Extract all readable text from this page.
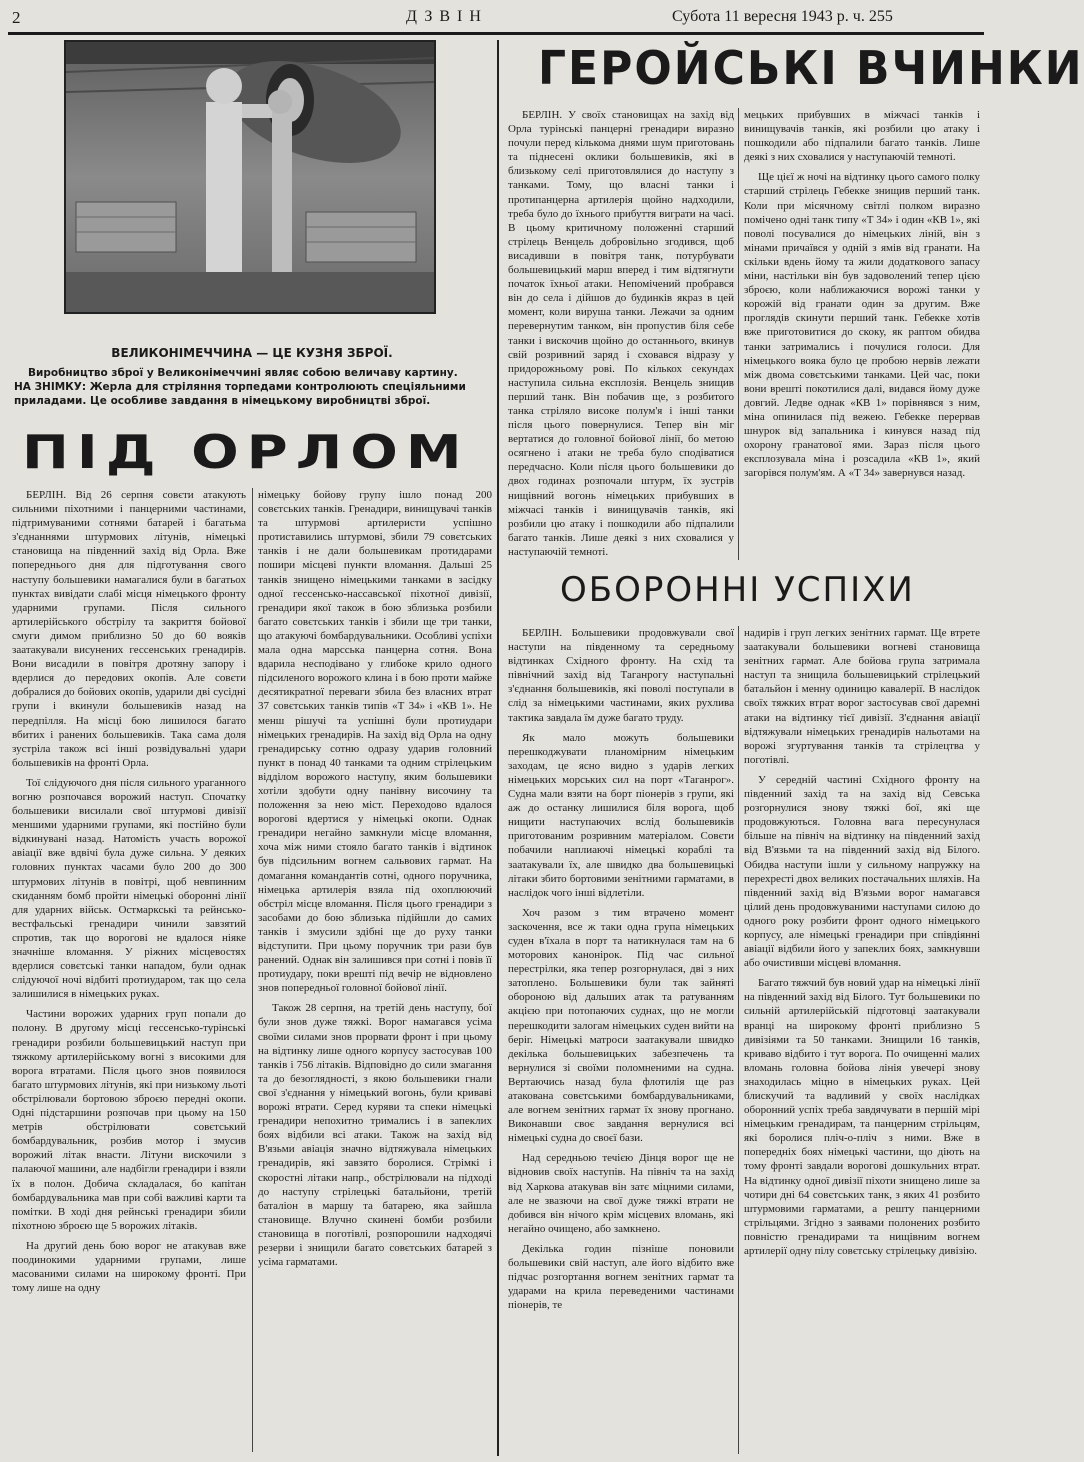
2	ДЗВІН	Субота 11 вересня 1943 р. ч. 255
ВЕЛИКОНІМЕЧЧИНА — ЦЕ КУЗНЯ ЗБРОЇ.
Виробництво зброї у Великонімеччині являє собою величаву картину.
НА ЗНІМКУ: Жерла для стріляння торпедами контролюють спеціяльними приладами. Це особливе завдання в німецькому виробництві зброї.
ПІД ОРЛОМ

БЕРЛІН. Від 26 серпня совєти атакують сильними піхотними і панцерними частинами, підтримуваними сотнями батарей і багатьма з'єднаннями штурмових літунів, німецькі становища на південний захід від Орла. Вже попереднього дня для підготування свого наступу большевики намагалися були в багатьох пунктах вивідати слабі місця німецького фронту ударними групами. Після сильного артилерійського обстрілу та закриття бойової смуги димом приблизно 50 до 60 вояків заатакували висунених гессенських гренадирів. Вони висадили в повітря дротяну запору і вдерлися до передових окопів. Але совєти добралися до бойових окопів, ударили дві сусідні групи і вкинули большевиків назад на передпілля. На місці бою лишилося багато вбитих і ранених большевиків. Така сама доля зустріла також всі інші розвідувальні удари большевиків на фронті Орла.

Тої слідуючого дня після сильного ураганного вогню розпочався ворожий наступ. Спочатку большевики висилали свої штурмові дивізії меншими ударними групами, які постійно були відкинувані назад. Натомість участь ворожої авіації вже вдвічі була дуже сильна. У деяких головних пунктах часами було 200 до 300 штурмових літунів в повітрі, щоб невпинним скиданням бомб пройти німецькі оборонні лінії для ударних військ. Остмаркські та рейнсько-вестфальські гренадири чинили завзятий спротив, так що ворогові не вдалося ніяке значніше вломання. У ріжних місцевостях вдерлися совєтські танки нападом, були однак слідуючої ночі відбиті протиударом, так що села залишилися в німецьких руках.

Частини ворожих ударних груп попали до полону. В другому місці гессенсько-турінські гренадири розбили большевицький наступ при тяжкому артилерійському вогні з високими для ворога втратами. Після цього знов появилося багато штурмових літунів, які при низькому льоті обстрілювали бортовою зброєю передні окопи. Одні підстаршини розпочав при цьому на 150 метрів обстрілювати совєтський бомбардувальник, розбив мотор і змусив ворожий літак внасти. Літуни вискочили з палаючої машини, але надбігли гренадири і взяли їх в полон. Добича складалася, бо капітан бомбардувальника мав при собі важливі карти та помітки. В ході дня рейнські гренадири збили піхотною зброєю ще 5 ворожих літаків.

На другий день бою ворог не атакував вже поодинокими ударними групами, лише масованими силами на широкому фронті. При тому лише на одну

німецьку бойову групу ішло понад 200 совєтських танків. Гренадири, винищувачі танків та штурмові артилеристи успішно протиставились штурмові, збили 79 совєтських танків і не дали большевикам протидарами пошири місцеві пункти вломання. Дальші 25 танків знищено німецькими танками в засідку одної гессенсько-нассавської піхотної дивізії, гренадири якої також в бою зблизька розбили багато совєтських танків і збили ще три танки, що атакуючі бомбардувальники. Особливі успіхи мала одна марсська панцерна сотня. Вона вдарила несподівано у глибоке крило одного підсиленого ворожого клина і в бою проти майже десятикратної переваги збила без власних втрат 37 совєтських танків типів «Т 34» і «КВ 1». Не менш рішучі та успішні були протиудари німецьких гренадирів. На захід від Орла на одну гренадирську сотню одразу ударив головний пункт в понад 40 танками та одним стрілецьким відділом ворожого наступу, яким большевики хотіли здобути одну панівну височину та положення за нею міст. Переходово вдалося ворогові вдертися у німецькі окопи. Однак гренадири негайно замкнули місце вломання, хоча між ними стояло багато танків і відтинок був підсильним вогнем сальвових гармат. На домагання командантів сотні, одного поручника, німецька артилерія взяла під охоплюючий обстріл місце вломання. Після цього гренадири з засобами до бою зблизька підійшли до самих танків і змусили здібні ще до руху танки відступити. При цьому поручник три рази був ранений. Однак він залишився при сотні і повів її протиудару, поки врешті під вечір не відновлено знов попередньої головної бойової лінії.

Також 28 серпня, на третій день наступу, бої були знов дуже тяжкі. Ворог намагався усіма своїми силами знов прорвати фронт і при цьому на відтинку лише одного корпусу застосував 100 танків і 756 літаків. Відповідно до сили змагання та до безоглядності, з якою большевики гнали свої з'єднання у німецький вогонь, були криваві ворожі втрати. Серед куряви та спеки німецькі гренадири непохитно тримались і в запеклих боях відбили всі атаки. Також на захід від В'язьми авіація значно відтяжувала німецьких гренадирів, які завзято боролися. Стрімкі і скоростні літаки напр., обстрілювали на підході до наступу стрілецькі батальйони, третій баталіон в маршу та батарею, яка зайшла становище. Влучно скинені бомби розбили становища в поготівлі, розпорошили надходячі резерви і знищили багато совєтських батарей з усіма гарматами.

ГЕРОЙСЬКІ ВЧИНКИ

БЕРЛІН. У своїх становищах на захід від Орла турінські панцерні гренадири виразно почули перед кількома днями шум приготовань та піднесені оклики большевиків, які в близькому селі приготовлялися до наступу з танками. Тому, що власні танки і протипанцерна артилерія щойно надходили, треба було до їхнього прибуття виграти на часі. В цьому критичному положенні старший стрілець Венцель добровільно згодився, щоб висадивши в повітря танк, потурбувати большевицький марш вперед і тим відтягнути початок їхньої атаки. Непомічений пробрався він до села і дійшов до будинків якраз в цей момент, коли вируша танки. Лежачи за одним перевернутим танком, він пропустив біля себе танки і вискочив щойно до останнього, вкинув свій розривний заряд і сховався відразу у придорожньому рові. По кількох секундах наступила сильна експлозія. Венцель знищив перший танк. Він побачив ще, з розбитого танка стріляло високе полум'я і інші танки після цього повернулися. Тепер він міг вертатися до головної бойової лінії, бо метою осягнено і атаки не треба було сподіватися передчасно. Коли після цього большевики до двох годинах розпочали штурм, їх зустрів нищівний вогонь німецьких прибувших в міжчасі танків і винищувачів танків, які розбили цю атаку і пошкодили або підпалили багато танків. Лише деякі з них сховалися у наступаючій темноті.

мецьких прибувших в міжчасі танків і винищувачів танків, які розбили цю атаку і пошкодили або підпалили багато танків. Лише деякі з них сховалися у наступаючій темноті.

Ще цієї ж ночі на відтинку цього самого полку старший стрілець Гебекке знищив перший танк. Коли при місячному світлі полком виразно помічено одні танк типу «Т 34» і один «КВ 1», які поволі посувалися до німецьких ліній, він з мінами причаївся у одній з ямів від гранати. На скільки вдень йому та жили додаткового запасу міни, настільки він був задоволений тепер цією зброєю, коли наближаючися ворожі танки у корожій від гранати один за другим. Вже проглядів скинути перший танк. Гебекке хотів вже приготовитися до скоку, як раптом обидва танки затримались і почулися голоси. Для німецького вояка було це пробою нервів лежати між двома совєтськими танками. Цей час, поки вони врешті покотилися далі, видався йому дуже довгий. Ледве однак «КВ 1» порівнявся з ним, міна опинилася під вежею. Гебекке перервав шнурок від запальника і кинувся назад під охорону гранатової ями. Зараз після цього експлозувала міна і розсадила «КВ 1», який загорівся полум'ям. А «Т 34» завернувся назад.

ОБОРОННІ УСПІХИ

БЕРЛІН. Большевики продовжували свої наступи на південному та середньому відтинках Східного фронту. На схід та північний захід від Таганрогу наступальні з'єднання большевиків, які поволі поступали в слід за німецькими частинами, яких рухлива тактика завдала їм дуже багато труду.

Як мало можуть большевики перешкоджувати планомірним німецьким заходам, це ясно видно з ударів легких німецьких морських сил на порт «Таганрог». Судна мали взяти на борт піонерів з групи, які аж до останку лишилися біля ворога, щоб нищити наступаючих вслід большевиків приготованим розривним матеріалом. Совєти побачили наплиаючі німецькі кораблі та заатакували їх, але швидко два большевицькі літаки збито бортовими зенітними гарматами, в наслідок чого інші відлетіли.

Хоч разом з тим втрачено момент заскочення, все ж таки одна група німецьких суден в'їхала в порт та натикнулася там на 6 моторових канонірок. Під час сильної перестрілки, яка тепер розгорнулася, дві з них затоплено. Большевики були так зайняті обороною від дальших атак та ратуванням акцією при потопаючих суднах, що не могли перешкодити залогам німецьких суден вийти на беріг. Німецькі матроси заатакували швидко декілька большевицьких забезпечень та вернулися зі своїми поломненими на судна. Вертаючись назад була флотилія ще раз атакована совєтськими бомбардувальниками, але вогнем зенітних гармат їх знову прогнано. Виконавши своє завдання вернулися всі німецькі судна до своєї бази.

Над середньою течією Дінця ворог ще не відновив своїх наступів. На північ та на захід від Харкова атакував він затє міцними силами, але не звазючи на свої дуже тяжкі втрати не добився він нічого крім місцевих вломань, які негайно очищено, або замкнено.

Декілька годин пізніше поновили большевики свій наступ, але його відбито вже підчас розгортання вогнем зенітних гармат та ударами на крила переведеними частинами піонерів, те

надирів і груп легких зенітних гармат. Ще втрете заатакували большевики вогневі становища зенітних гармат. Але бойова група затримала наступ та знищила большевицький стрілецький батальйон і менну одиницю кавалерії. В наслідок своїх тяжких втрат ворог застосував свої даремні атаки на відтинку тієї дивізії. З'єднання авіації відтяжували німецьких гренадирів нальотами на ворожі згуртування танків та стрілецтва у поготівлі.

У середній частині Східного фронту на південний захід та на захід від Севська розгорнулися знову тяжкі бої, які ще продовжуються. Головна вага пересунулася більше на північ на відтинку на південний захід від В'язьми та на південний захід від Білого. Обидва наступи ішли у сильному напружку на перехресті двох великих постачальних шляхів. На південний захід від В'язьми ворог намагався цілий день продовжуваними наступами силою до одного року розбити фронт одного німецького корпусу, але німецькі гренадири при співдіянні авіації відбили його у запеклих боях, замкнувши або очистивши місцеві вломання.

Багато тяжчий був новий удар на німецькі лінії на південний захід від Білого. Тут большевики по сильній артилерійській підготовці заатакували вранці на широкому фронті приблизно 5 дивізіями та 50 танками. Знищили 16 танків, криваво відбито і тут ворога. По очищенні малих вломань головна бойова лінія увечері знову знаходилась міцно в німецьких руках. Цей блискучий та вадливий у своїх наслідках оборонний успіх треба завдячувати в першій мірі німецьким гренадирам, та панцерним стрільцям, які боролися пліч-о-пліч з ними. Вже в попередніх боях німецькі частини, що діють на тому фронті завдали ворогові дошкульних втрат. На відтинку одної дивізії піхоти знищено лише за чотири дні 64 совєтських танк, з яких 41 розбито штурмовими гарматами, а решту панцерними стрільцями. Згідно з заявами полонених розбито повністю гренадирами та нищівним вогнем артилерії одну пілу совєтську стрілецьку дивізію.
